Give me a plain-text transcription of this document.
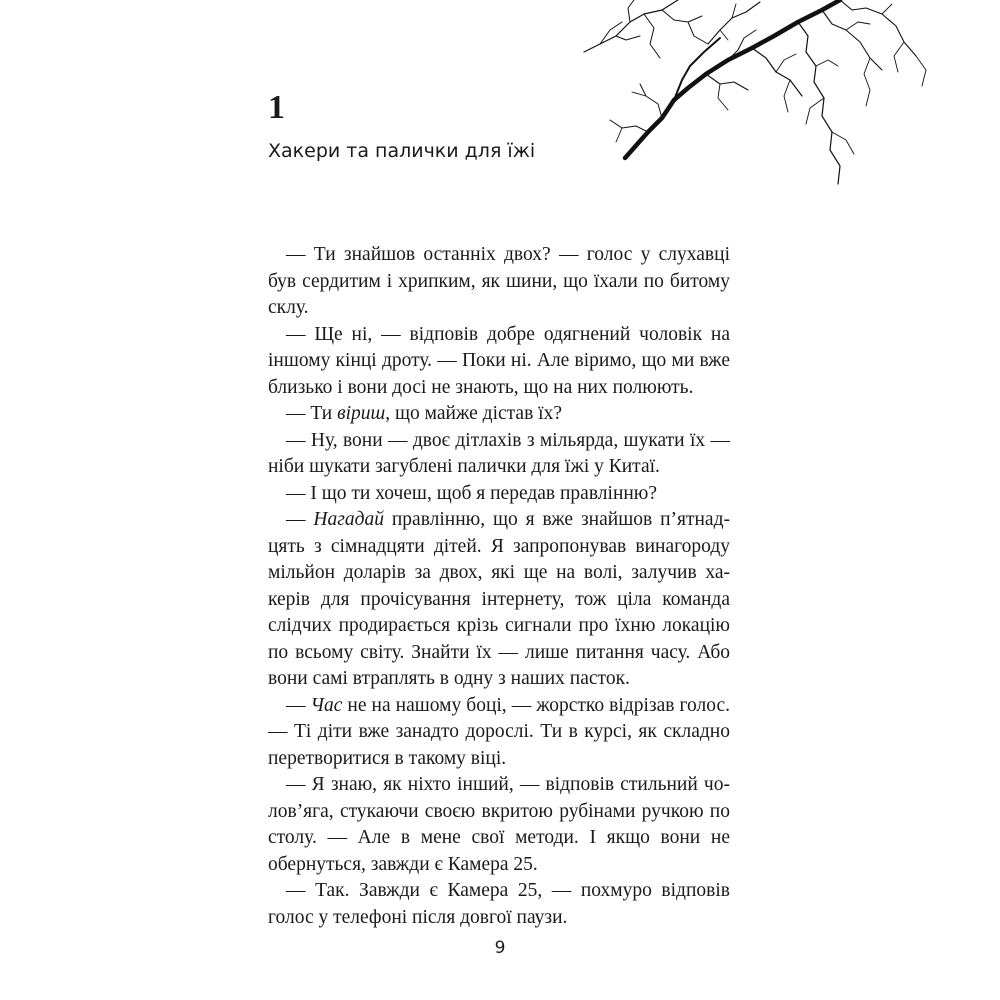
1
Хакери та палички для їжі

— Ти знайшов останніх двох? — голос у слухавці був сердитим і хрипким, як шини, що їхали по битому склу.

— Ще ні, — відповів добре одягнений чоловік на іншому кінці дроту. — Поки ні. Але віримо, що ми вже близько і вони досі не знають, що на них полюють.

— Ти віриш, що майже дістав їх?

— Ну, вони — двоє дітлахів з мільярда, шукати їх — ніби шукати загублені палички для їжі у Китаї.

— І що ти хочеш, щоб я передав правлінню?

— Нагадай правлінню, що я вже знайшов п’ятнадцять з сімнадцяти дітей. Я запропонував винагороду мільйон доларів за двох, які ще на волі, залучив хакерів для прочісування інтернету, тож ціла команда слідчих продирається крізь сигнали про їхню локацію по всьому світу. Знайти їх — лише питання часу. Або вони самі втраплять в одну з наших пасток.

— Час не на нашому боці, — жорстко відрізав голос. — Ті діти вже занадто дорослі. Ти в курсі, як складно перетворитися в такому віці.

— Я знаю, як ніхто інший, — відповів стильний чолов’яга, стукаючи своєю вкритою рубінами ручкою по столу. — Але в мене свої методи. І якщо вони не обернуться, завжди є Камера 25.

— Так. Завжди є Камера 25, — похмуро відповів голос у телефоні після довгої паузи.

9
